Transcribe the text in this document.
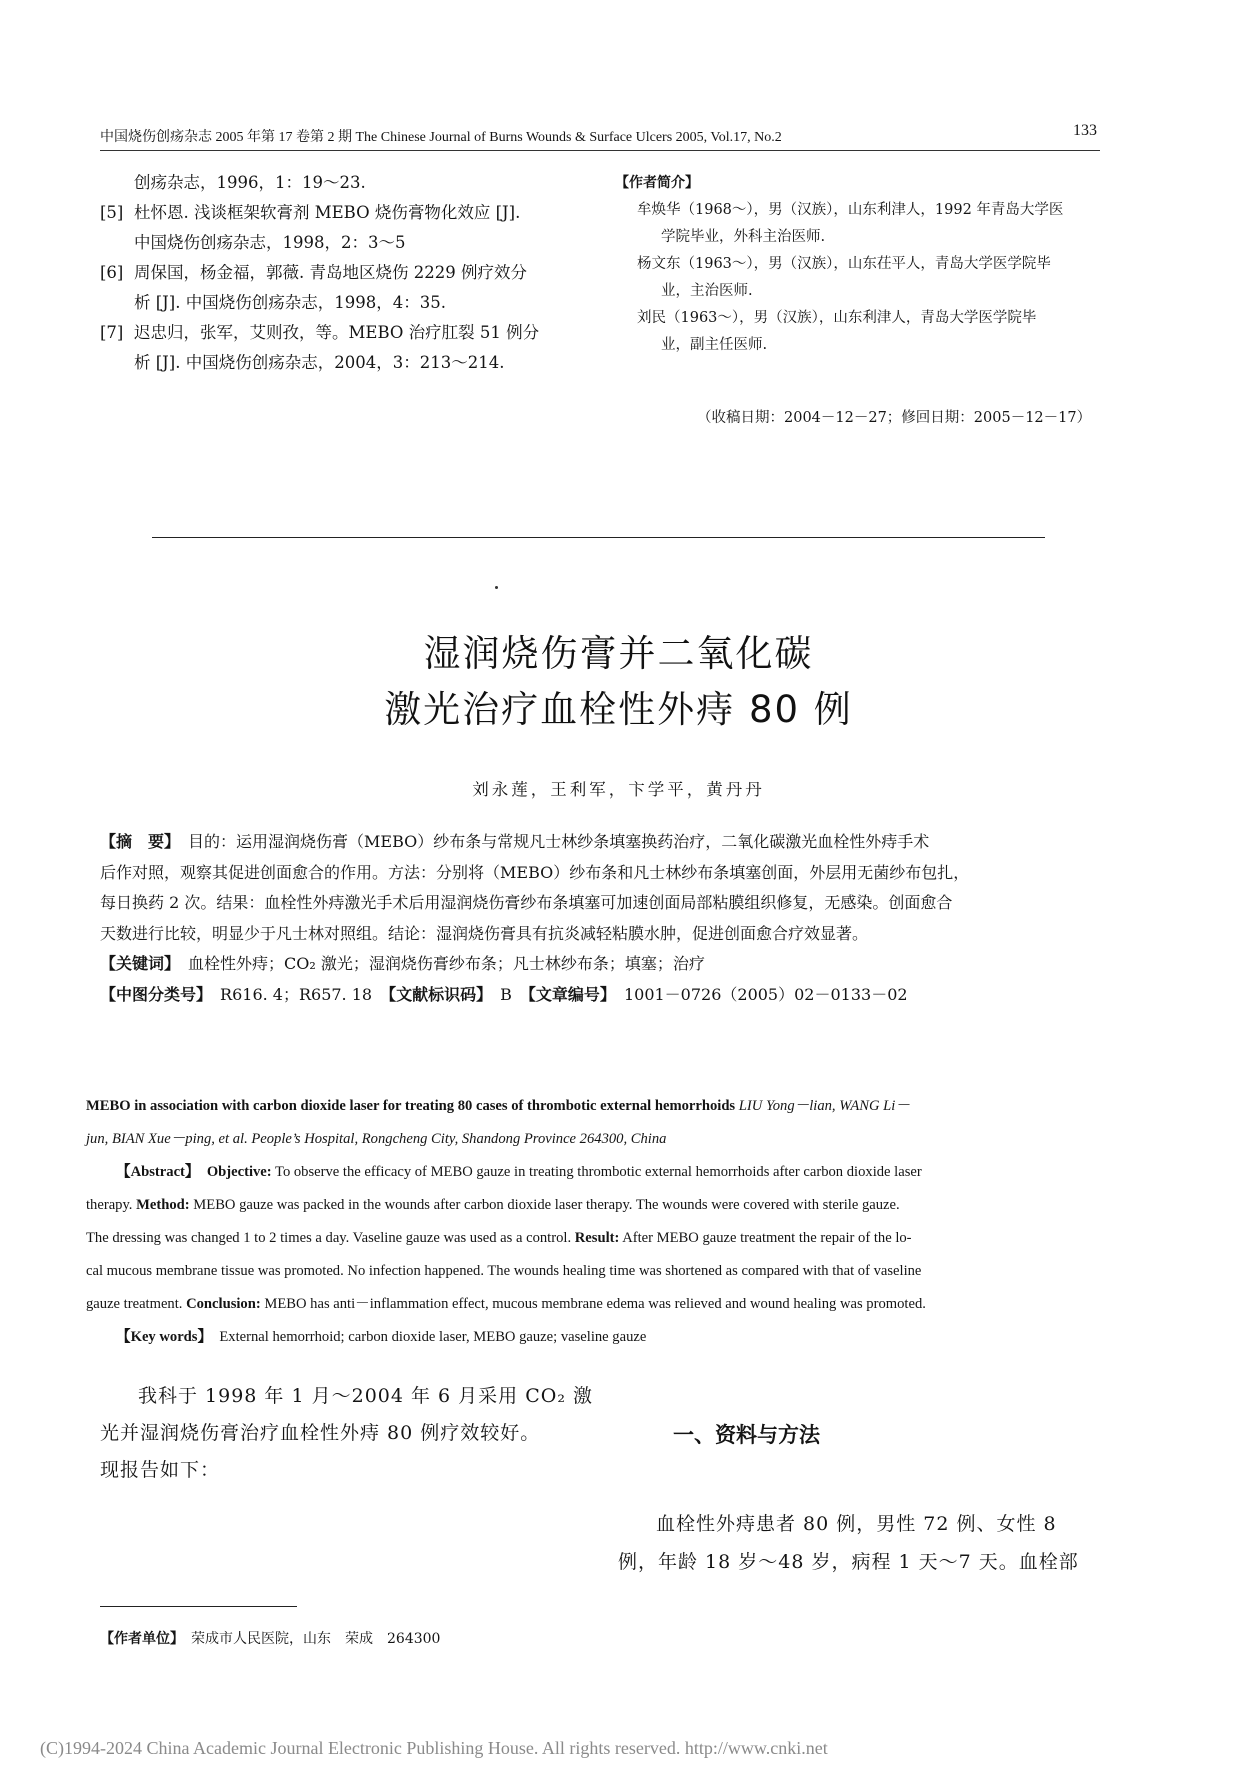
中国烧伤创疡杂志 2005 年第 17 卷第 2 期 The Chinese Journal of Burns Wounds & Surface Ulcers 2005, Vol.17, No.2	133
创疡杂志，1996，1：19～23.
[5] 杜怀恩. 浅谈框架软膏剂 MEBO 烧伤膏物化效应 [J].
中国烧伤创疡杂志，1998，2：3～5
[6] 周保国，杨金福，郭薇. 青岛地区烧伤 2229 例疗效分
析 [J]. 中国烧伤创疡杂志，1998，4：35.
[7] 迟忠归，张军，艾则孜，等。MEBO 治疗肛裂 51 例分
析 [J]. 中国烧伤创疡杂志，2004，3：213～214.
【作者简介】
牟焕华（1968～），男（汉族），山东利津人，1992 年青岛大学医
学院毕业，外科主治医师.
杨文东（1963～），男（汉族），山东茌平人，青岛大学医学院毕
业，主治医师.
刘民（1963～），男（汉族），山东利津人，青岛大学医学院毕
业，副主任医师.
（收稿日期：2004－12－27；修回日期：2005－12－17）
湿润烧伤膏并二氧化碳
激光治疗血栓性外痔 80 例
刘永莲，王利军，卞学平，黄丹丹
【摘　要】　 目的：运用湿润烧伤膏（MEBO）纱布条与常规凡士林纱条填塞换药治疗，二氧化碳激光血栓性外痔手术
后作对照，观察其促进创面愈合的作用。方法：分别将（MEBO）纱布条和凡士林纱布条填塞创面，外层用无菌纱布包扎，
每日换药 2 次。结果：血栓性外痔激光手术后用湿润烧伤膏纱布条填塞可加速创面局部粘膜组织修复，无感染。创面愈合
天数进行比较，明显少于凡士林对照组。结论：湿润烧伤膏具有抗炎减轻粘膜水肿，促进创面愈合疗效显著。
【关键词】　 血栓性外痔；CO₂ 激光；湿润烧伤膏纱布条；凡士林纱布条；填塞；治疗
【中图分类号】　 R616. 4；R657. 18　 【文献标识码】　 B　 【文章编号】　 1001－0726（2005）02－0133－02
MEBO in association with carbon dioxide laser for treating 80 cases of thrombotic external hemorrhoids LIU Yong－lian, WANG Li－
jun, BIAN Xue－ping, et al. People’s Hospital, Rongcheng City, Shandong Province 264300, China
【Abstract】　 Objective: To observe the efficacy of MEBO gauze in treating thrombotic external hemorrhoids after carbon dioxide laser
therapy. Method: MEBO gauze was packed in the wounds after carbon dioxide laser therapy. The wounds were covered with sterile gauze.
The dressing was changed 1 to 2 times a day. Vaseline gauze was used as a control. Result: After MEBO gauze treatment the repair of the lo-
cal mucous membrane tissue was promoted. No infection happened. The wounds healing time was shortened as compared with that of vaseline
gauze treatment. Conclusion: MEBO has anti－inflammation effect, mucous membrane edema was relieved and wound healing was promoted.
【Key words】　 External hemorrhoid; carbon dioxide laser, MEBO gauze; vaseline gauze
我科于 1998 年 1 月～2004 年 6 月采用 CO₂ 激
光并湿润烧伤膏治疗血栓性外痔 80 例疗效较好。
现报告如下：
一、资料与方法
血栓性外痔患者 80 例，男性 72 例、女性 8
例，年龄 18 岁～48 岁，病程 1 天～7 天。血栓部
【作者单位】　 荣成市人民医院，山东　荣成　264300
(C)1994-2024 China Academic Journal Electronic Publishing House. All rights reserved. http://www.cnki.net
